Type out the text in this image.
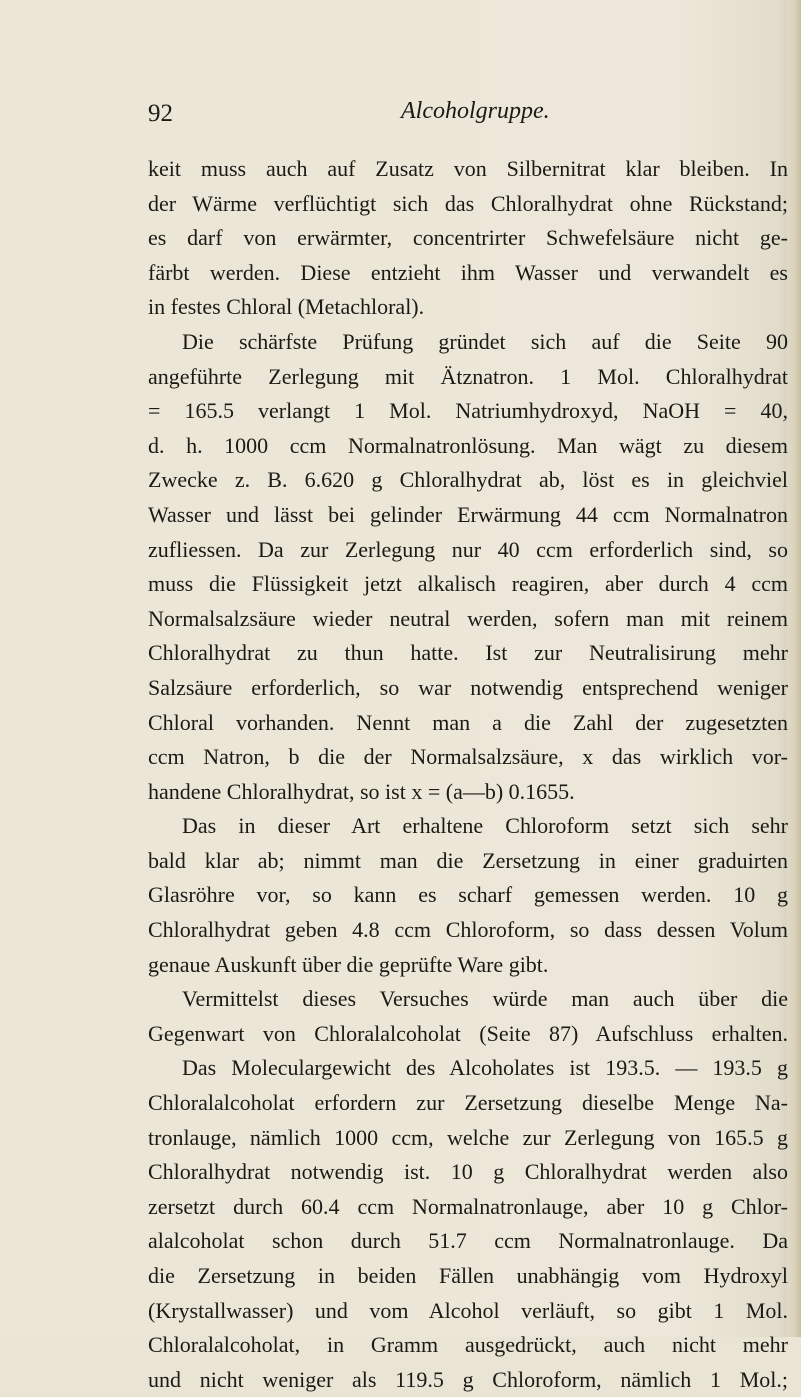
92	Alcoholgruppe.
keit muss auch auf Zusatz von Silbernitrat klar bleiben. In
der Wärme verflüchtigt sich das Chloralhydrat ohne Rückstand;
es darf von erwärmter, concentrirter Schwefelsäure nicht ge-
färbt werden. Diese entzieht ihm Wasser und verwandelt es
in festes Chloral (Metachloral).
Die schärfste Prüfung gründet sich auf die Seite 90
angeführte Zerlegung mit Ätznatron. 1 Mol. Chloralhydrat
= 165.5 verlangt 1 Mol. Natriumhydroxyd, NaOH = 40,
d. h. 1000 ccm Normalnatronlösung. Man wägt zu diesem
Zwecke z. B. 6.620 g Chloralhydrat ab, löst es in gleichviel
Wasser und lässt bei gelinder Erwärmung 44 ccm Normalnatron
zufliessen. Da zur Zerlegung nur 40 ccm erforderlich sind, so
muss die Flüssigkeit jetzt alkalisch reagiren, aber durch 4 ccm
Normalsalzsäure wieder neutral werden, sofern man mit reinem
Chloralhydrat zu thun hatte. Ist zur Neutralisirung mehr
Salzsäure erforderlich, so war notwendig entsprechend weniger
Chloral vorhanden. Nennt man a die Zahl der zugesetzten
ccm Natron, b die der Normalsalzsäure, x das wirklich vor-
handene Chloralhydrat, so ist x = (a—b) 0.1655.
Das in dieser Art erhaltene Chloroform setzt sich sehr
bald klar ab; nimmt man die Zersetzung in einer graduirten
Glasröhre vor, so kann es scharf gemessen werden. 10 g
Chloralhydrat geben 4.8 ccm Chloroform, so dass dessen Volum
genaue Auskunft über die geprüfte Ware gibt.
Vermittelst dieses Versuches würde man auch über die
Gegenwart von Chloralalcoholat (Seite 87) Aufschluss erhalten.
Das Moleculargewicht des Alcoholates ist 193.5. — 193.5 g
Chloralalcoholat erfordern zur Zersetzung dieselbe Menge Na-
tronlauge, nämlich 1000 ccm, welche zur Zerlegung von 165.5 g
Chloralhydrat notwendig ist. 10 g Chloralhydrat werden also
zersetzt durch 60.4 ccm Normalnatronlauge, aber 10 g Chlor-
alalcoholat schon durch 51.7 ccm Normalnatronlauge. Da
die Zersetzung in beiden Fällen unabhängig vom Hydroxyl
(Krystallwasser) und vom Alcohol verläuft, so gibt 1 Mol.
Chloralalcoholat, in Gramm ausgedrückt, auch nicht mehr
und nicht weniger als 119.5 g Chloroform, nämlich 1 Mol.;
